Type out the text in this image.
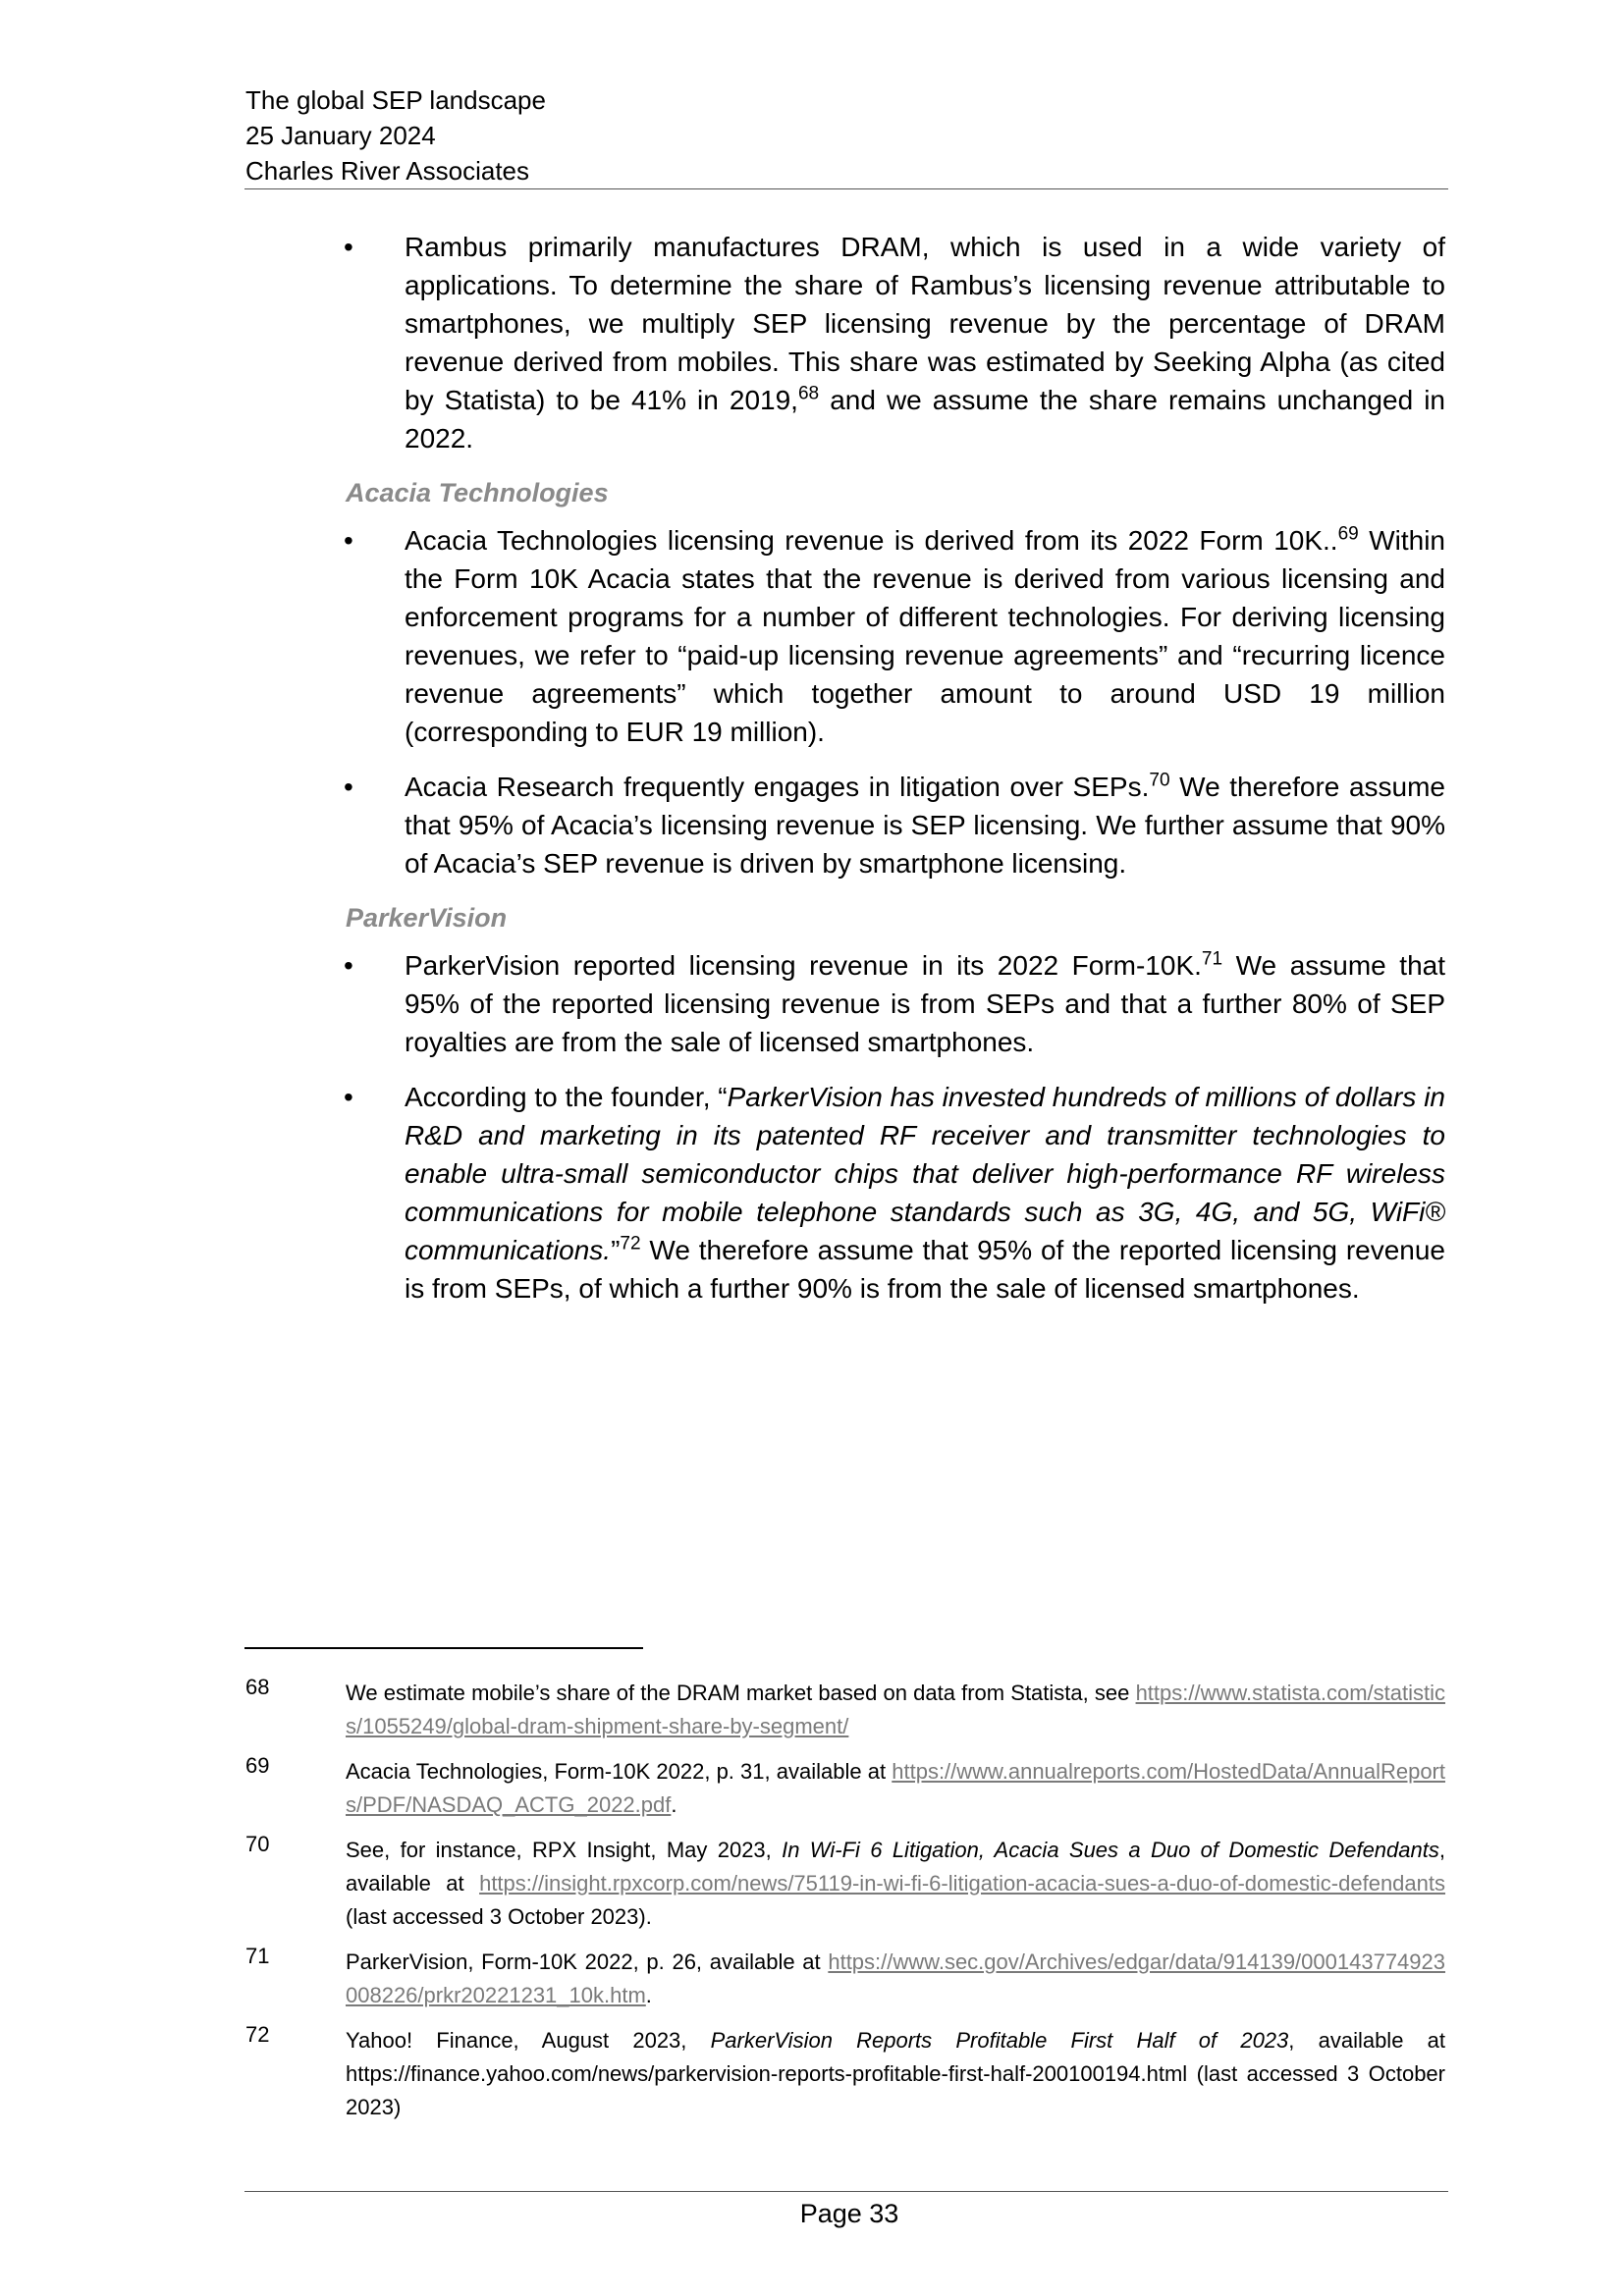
The global SEP landscape
25 January 2024
Charles River Associates
• Rambus primarily manufactures DRAM, which is used in a wide variety of applications. To determine the share of Rambus’s licensing revenue attributable to smartphones, we multiply SEP licensing revenue by the percentage of DRAM revenue derived from mobiles. This share was estimated by Seeking Alpha (as cited by Statista) to be 41% in 2019,68 and we assume the share remains unchanged in 2022.

Acacia Technologies
• Acacia Technologies licensing revenue is derived from its 2022 Form 10K..$^{69}$ Within the Form 10K Acacia states that the revenue is derived from various licensing and enforcement programs for a number of different technologies. For deriving licensing revenues, we refer to “paid-up licensing revenue agreements” and “recurring licence revenue agreements” which together amount to around USD 19 million (corresponding to EUR 19 million).

• Acacia Research frequently engages in litigation over SEPs.$^{70}$ We therefore assume that 95% of Acacia’s licensing revenue is SEP licensing. We further assume that 90% of Acacia’s SEP revenue is driven by smartphone licensing.

ParkerVision
• ParkerVision reported licensing revenue in its 2022 Form-10K.$^{71}$ We assume that 95% of the reported licensing revenue is from SEPs and that a further 80% of SEP royalties are from the sale of licensed smartphones.

• According to the founder, “ParkerVision has invested hundreds of millions of dollars in R&D and marketing in its patented RF receiver and transmitter technologies to enable ultra-small semiconductor chips that deliver high-performance RF wireless communications for mobile telephone standards such as 3G, 4G, and 5G, WiFi® communications.”$^{72}$ We therefore assume that 95% of the reported licensing revenue is from SEPs, of which a further 90% is from the sale of licensed smartphones.

68	We estimate mobile’s share of the DRAM market based on data from Statista, see https://www.statista.com/statistics/1055249/global-dram-shipment-share-by-segment/
69	Acacia Technologies, Form-10K 2022, p. 31, available at https://www.annualreports.com/HostedData/AnnualReports/PDF/NASDAQ_ACTG_2022.pdf.
70	See, for instance, RPX Insight, May 2023, In Wi-Fi 6 Litigation, Acacia Sues a Duo of Domestic Defendants, available at https://insight.rpxcorp.com/news/75119-in-wi-fi-6-litigation-acacia-sues-a-duo-of-domestic-defendants (last accessed 3 October 2023).
71	ParkerVision, Form-10K 2022, p. 26, available at https://www.sec.gov/Archives/edgar/data/914139/000143774923008226/prkr20221231_10k.htm.
72	Yahoo! Finance, August 2023, ParkerVision Reports Profitable First Half of 2023, available at https://finance.yahoo.com/news/parkervision-reports-profitable-first-half-200100194.html (last accessed 3 October 2023)
Page 33
